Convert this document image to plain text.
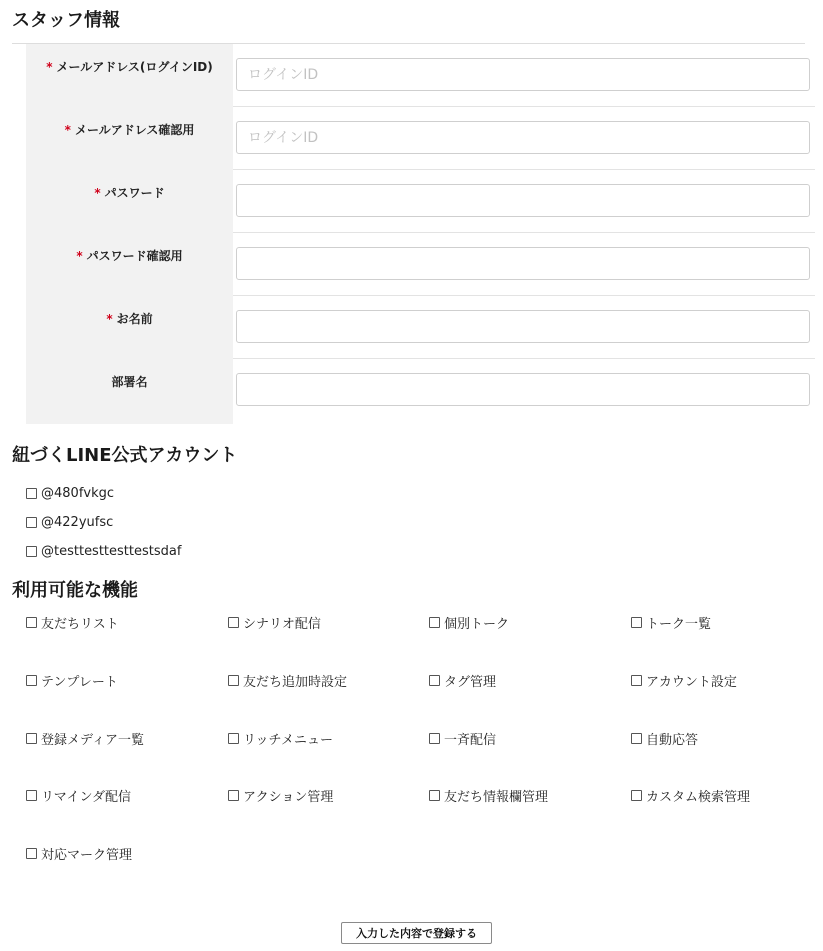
スタッフ情報
* メールアドレス(ログインID)
ログインID
* メールアドレス確認用
ログインID
* パスワード
* パスワード確認用
* お名前
部署名
紐づくLINE公式アカウント
@480fvkgc
@422yufsc
@testtesttesttestsdaf
利用可能な機能
友だちリスト	シナリオ配信	個別トーク	トーク一覧
テンプレート	友だち追加時設定	タグ管理	アカウント設定
登録メディア一覧	リッチメニュー	一斉配信	自動応答
リマインダ配信	アクション管理	友だち情報欄管理	カスタム検索管理
対応マーク管理
入力した内容で登録する
